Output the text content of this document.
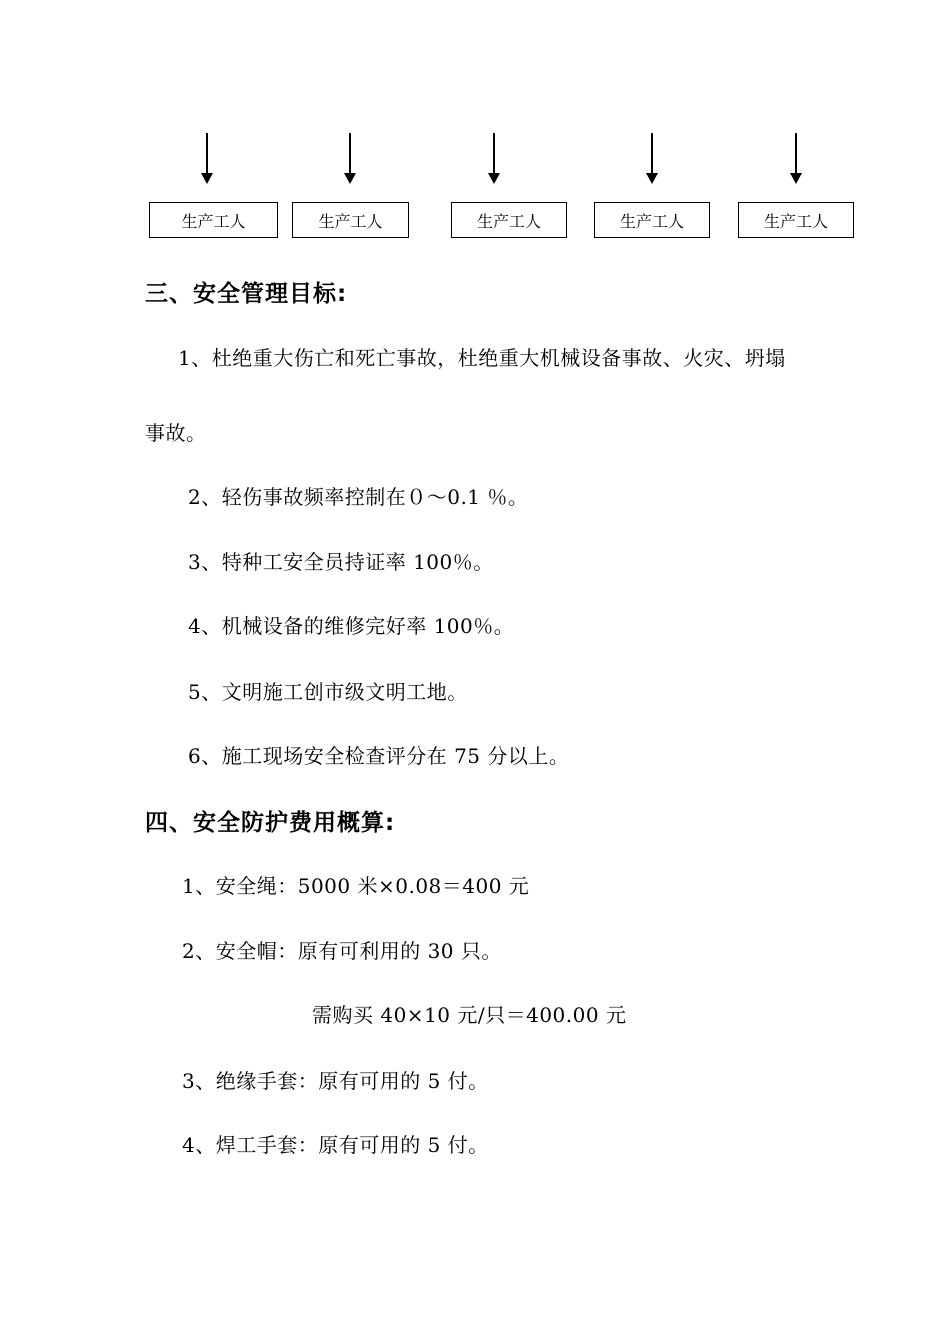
生产工人	生产工人	生产工人	生产工人	生产工人
三、安全管理目标:
1、杜绝重大伤亡和死亡事故，杜绝重大机械设备事故、火灾、坍塌
事故。
2、轻伤事故频率控制在０～0.1 ％。
3、特种工安全员持证率 100％。
4、机械设备的维修完好率 100％。
5、文明施工创市级文明工地。
6、施工现场安全检查评分在 75 分以上。
四、安全防护费用概算:
1、安全绳：5000 米×0.08＝400 元
2、安全帽：原有可利用的 30 只。
需购买 40×10 元/只＝400.00 元
3、绝缘手套：原有可用的 5 付。
4、焊工手套：原有可用的 5 付。
